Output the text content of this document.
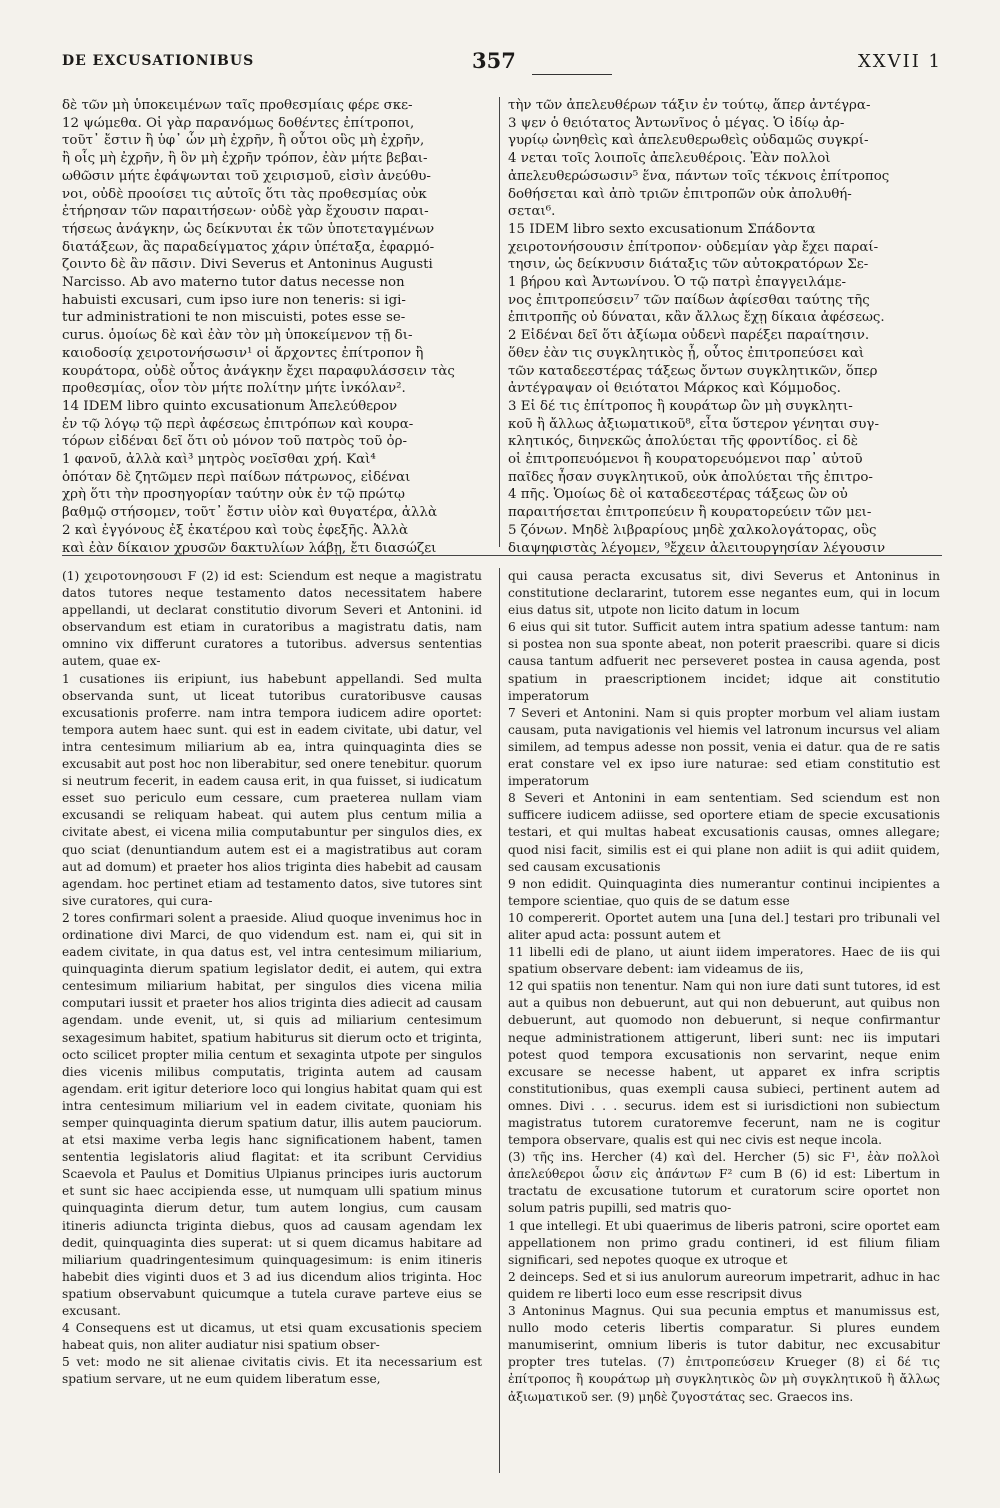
DE EXCUSATIONIBUS	357	XXVII 1
δὲ τῶν μὴ ὑποκειμένων ταῖς προθεσμίαις φέρε σκε-
12 ψώμεθα. Οἱ γὰρ παρανόμως δοθέντες ἐπίτροποι,
τοῦτ᾽ ἔστιν ἢ ὑφ᾽ ὧν μὴ ἐχρῆν, ἢ οὗτοι οὓς μὴ ἐχρῆν,
ἢ οἷς μὴ ἐχρῆν, ἢ ὃν μὴ ἐχρῆν τρόπον, ἐὰν μήτε βεβαι-
ωθῶσιν μήτε ἐφάψωνται τοῦ χειρισμοῦ, εἰσὶν ἀνεύθυ-
νοι, οὐδὲ προοίσει τις αὐτοῖς ὅτι τὰς προθεσμίας οὐκ
ἐτήρησαν τῶν παραιτήσεων· οὐδὲ γὰρ ἔχουσιν παραι-
τήσεως ἀνάγκην, ὡς δείκνυται ἐκ τῶν ὑποτεταγμένων
διατάξεων, ἃς παραδείγματος χάριν ὑπέταξα, ἐφαρμό-
ζοιντο δὲ ἂν πᾶσιν. Divi Severus et Antoninus Augusti
Narcisso. Ab avo materno tutor datus necesse non
habuisti excusari, cum ipso iure non teneris: si igi-
tur administrationi te non miscuisti, potes esse se-
curus. ὁμοίως δὲ καὶ ἐὰν τὸν μὴ ὑποκείμενον τῇ δι-
καιοδοσίᾳ χειροτονήσωσιν¹ οἱ ἄρχοντες ἐπίτροπον ἢ
κουράτορα, οὐδὲ οὗτος ἀνάγκην ἔχει παραφυλάσσειν τὰς
προθεσμίας, οἷον τὸν μήτε πολίτην μήτε ἰνκόλαν².
14 IDEM libro quinto excusationum Ἀπελεύθερον
ἐν τῷ λόγῳ τῷ περὶ ἀφέσεως ἐπιτρόπων καὶ κουρα-
τόρων εἰδέναι δεῖ ὅτι οὐ μόνον τοῦ πατρὸς τοῦ ὀρ-
1 φανοῦ, ἀλλὰ καὶ³ μητρὸς νοεῖσθαι χρή. Καὶ⁴
ὁπόταν δὲ ζητῶμεν περὶ παίδων πάτρωνος, εἰδέναι
χρὴ ὅτι τὴν προσηγορίαν ταύτην οὐκ ἐν τῷ πρώτῳ
βαθμῷ στήσομεν, τοῦτ᾽ ἔστιν υἱὸν καὶ θυγατέρα, ἀλλὰ
2 καὶ ἐγγόνους ἐξ ἑκατέρου καὶ τοὺς ἐφεξῆς. Ἀλλὰ
καὶ ἐὰν δίκαιον χρυσῶν δακτυλίων λάβῃ, ἔτι διασώζει
τὴν τῶν ἀπελευθέρων τάξιν ἐν τούτῳ, ἅπερ ἀντέγρα-
3 ψεν ὁ θειότατος Ἀντωνῖνος ὁ μέγας. Ὁ ἰδίῳ ἀρ-
γυρίῳ ὠνηθεὶς καὶ ἀπελευθερωθεὶς οὐδαμῶς συγκρί-
4 νεται τοῖς λοιποῖς ἀπελευθέροις. Ἐὰν πολλοὶ
ἀπελευθερώσωσιν⁵ ἕνα, πάντων τοῖς τέκνοις ἐπίτροπος
δοθήσεται καὶ ἀπὸ τριῶν ἐπιτροπῶν οὐκ ἀπολυθή-
σεται⁶.
15 IDEM libro sexto excusationum Σπάδοντα
χειροτονήσουσιν ἐπίτροπον· οὐδεμίαν γὰρ ἔχει παραί-
τησιν, ὡς δείκνυσιν διάταξις τῶν αὐτοκρατόρων Σε-
1 βήρου καὶ Ἀντωνίνου. Ὁ τῷ πατρὶ ἐπαγγειλάμε-
νος ἐπιτροπεύσειν⁷ τῶν παίδων ἀφίεσθαι ταύτης τῆς
ἐπιτροπῆς οὐ δύναται, κἂν ἄλλως ἔχῃ δίκαια ἀφέσεως.
2 Εἰδέναι δεῖ ὅτι ἀξίωμα οὐδενὶ παρέξει παραίτησιν.
ὅθεν ἐὰν τις συγκλητικὸς ᾖ, οὗτος ἐπιτροπεύσει καὶ
τῶν καταδεεστέρας τάξεως ὄντων συγκλητικῶν, ὅπερ
ἀντέγραψαν οἱ θειότατοι Μάρκος καὶ Κόμμοδος.
3 Εἰ δέ τις ἐπίτροπος ἢ κουράτωρ ὢν μὴ συγκλητι-
κοῦ ἢ ἄλλως ἀξιωματικοῦ⁸, εἶτα ὕστερον γένηται συγ-
κλητικός, διηνεκῶς ἀπολύεται τῆς φροντίδος. εἰ δὲ
οἱ ἐπιτροπευόμενοι ἢ κουρατορευόμενοι παρ᾽ αὐτοῦ
παῖδες ἦσαν συγκλητικοῦ, οὐκ ἀπολύεται τῆς ἐπιτρο-
4 πῆς. Ὁμοίως δὲ οἱ καταδεεστέρας τάξεως ὢν οὐ
παραιτήσεται ἐπιτροπεύειν ἢ κουρατορεύειν τῶν μει-
5 ζόνων. Μηδὲ λιβραρίους μηδὲ χαλκολογάτορας, οὓς
διαψηφιστὰς λέγομεν, ⁹ἔχειν ἀλειτουργησίαν λέγουσιν
(1) χειροτονησουσι F (2) id est: Sciendum est neque a magistratu datos tutores neque testamento datos necessitatem habere appellandi, ut declarat constitutio divorum Severi et Antonini. id observandum est etiam in curatoribus a magistratu datis, nam omnino vix differunt curatores a tutoribus. adversus sententias autem, quae ex-
1 cusationes iis eripiunt, ius habebunt appellandi. Sed multa observanda sunt, ut liceat tutoribus curatoribusve causas excusationis proferre. nam intra tempora iudicem adire oportet: tempora autem haec sunt. qui est in eadem civitate, ubi datur, vel intra centesimum miliarium ab ea, intra quinquaginta dies se excusabit aut post hoc non liberabitur, sed onere tenebitur. quorum si neutrum fecerit, in eadem causa erit, in qua fuisset, si iudicatum esset suo periculo eum cessare, cum praeterea nullam viam excusandi se reliquam habeat. qui autem plus centum milia a civitate abest, ei vicena milia computabuntur per singulos dies, ex quo sciat (denuntiandum autem est ei a magistratibus aut coram aut ad domum) et praeter hos alios triginta dies habebit ad causam agendam. hoc pertinet etiam ad testamento datos, sive tutores sint sive curatores, qui cura-
2 tores confirmari solent a praeside. Aliud quoque invenimus hoc in ordinatione divi Marci, de quo videndum est. nam ei, qui sit in eadem civitate, in qua datus est, vel intra centesimum miliarium, quinquaginta dierum spatium legislator dedit, ei autem, qui extra centesimum miliarium habitat, per singulos dies vicena milia computari iussit et praeter hos alios triginta dies adiecit ad causam agendam. unde evenit, ut, si quis ad miliarium centesimum sexagesimum habitet, spatium habiturus sit dierum octo et triginta, octo scilicet propter milia centum et sexaginta utpote per singulos dies vicenis milibus computatis, triginta autem ad causam agendam. erit igitur deteriore loco qui longius habitat quam qui est intra centesimum miliarium vel in eadem civitate, quoniam his semper quinquaginta dierum spatium datur, illis autem pauciorum. at etsi maxime verba legis hanc significationem habent, tamen sententia legislatoris aliud flagitat: et ita scribunt Cervidius Scaevola et Paulus et Domitius Ulpianus principes iuris auctorum et sunt sic haec accipienda esse, ut numquam ulli spatium minus quinquaginta dierum detur, tum autem longius, cum causam itineris adiuncta triginta diebus, quos ad causam agendam lex dedit, quinquaginta dies superat: ut si quem dicamus habitare ad miliarium quadringentesimum quinquagesimum: is enim itineris habebit dies viginti duos et 3 ad ius dicendum alios triginta. Hoc spatium observabunt quicumque a tutela curave parteve eius se excusant.
4 Consequens est ut dicamus, ut etsi quam excusationis speciem habeat quis, non aliter audiatur nisi spatium obser-
5 vet: modo ne sit alienae civitatis civis. Et ita necessarium est spatium servare, ut ne eum quidem liberatum esse,
qui causa peracta excusatus sit, divi Severus et Antoninus in constitutione declararint, tutorem esse negantes eum, qui in locum eius datus sit, utpote non licito datum in locum
6 eius qui sit tutor. Sufficit autem intra spatium adesse tantum: nam si postea non sua sponte abeat, non poterit praescribi. quare si dicis causa tantum adfuerit nec perseveret postea in causa agenda, post spatium in praescriptionem incidet; idque ait constitutio imperatorum
7 Severi et Antonini. Nam si quis propter morbum vel aliam iustam causam, puta navigationis vel hiemis vel latronum incursus vel aliam similem, ad tempus adesse non possit, venia ei datur. qua de re satis erat constare vel ex ipso iure naturae: sed etiam constitutio est imperatorum
8 Severi et Antonini in eam sententiam. Sed sciendum est non sufficere iudicem adiisse, sed oportere etiam de specie excusationis testari, et qui multas habeat excusationis causas, omnes allegare; quod nisi facit, similis est ei qui plane non adiit is qui adiit quidem, sed causam excusationis
9 non edidit. Quinquaginta dies numerantur continui incipientes a tempore scientiae, quo quis de se datum esse
10 compererit. Oportet autem una [una del.] testari pro tribunali vel aliter apud acta: possunt autem et
11 libelli edi de plano, ut aiunt iidem imperatores. Haec de iis qui spatium observare debent: iam videamus de iis,
12 qui spatiis non tenentur. Nam qui non iure dati sunt tutores, id est aut a quibus non debuerunt, aut qui non debuerunt, aut quibus non debuerunt, aut quomodo non debuerunt, si neque confirmantur neque administrationem attigerunt, liberi sunt: nec iis imputari potest quod tempora excusationis non servarint, neque enim excusare se necesse habent, ut apparet ex infra scriptis constitutionibus, quas exempli causa subieci, pertinent autem ad omnes. Divi . . . securus. idem est si iurisdictioni non subiectum magistratus tutorem curatoremve fecerunt, nam ne is cogitur tempora observare, qualis est qui nec civis est neque incola.
(3) τῆς ins. Hercher (4) καὶ del. Hercher (5) sic F¹, ἐὰν πολλοὶ ἀπελεύθεροι ὦσιν εἰς ἀπάντων F² cum B (6) id est: Libertum in tractatu de excusatione tutorum et curatorum scire oportet non solum patris pupilli, sed matris quo-
1 que intellegi. Et ubi quaerimus de liberis patroni, scire oportet eam appellationem non primo gradu contineri, id est filium filiam significari, sed nepotes quoque ex utroque et
2 deinceps. Sed et si ius anulorum aureorum impetrarit, adhuc in hac quidem re liberti loco eum esse rescripsit divus
3 Antoninus Magnus. Qui sua pecunia emptus et manumissus est, nullo modo ceteris libertis comparatur. Si plures eundem manumiserint, omnium liberis is tutor dabitur, nec excusabitur propter tres tutelas. (7) ἐπιτροπεύσειν Krueger (8) εἰ δέ τις ἐπίτροπος ἢ κουράτωρ μὴ συγκλητικὸς ὢν μὴ συγκλητικοῦ ἢ ἄλλως ἀξιωματικοῦ ser. (9) μηδὲ ζυγοστάτας sec. Graecos ins.
